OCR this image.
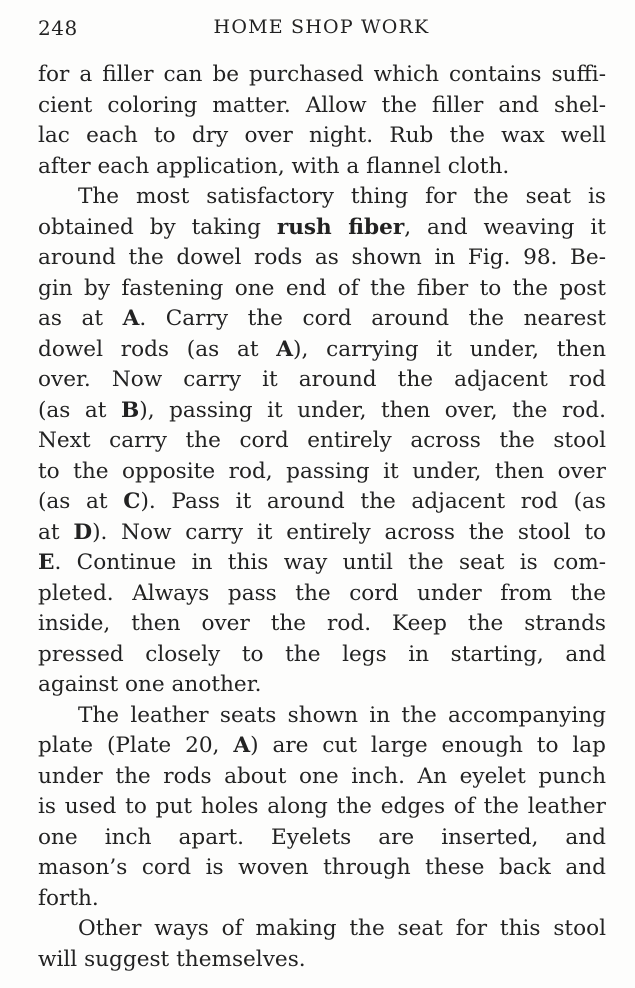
248	HOME SHOP WORK
for a filler can be purchased which contains suffi-
cient coloring matter. Allow the filler and shel-
lac each to dry over night. Rub the wax well
after each application, with a flannel cloth.
The most satisfactory thing for the seat is
obtained by taking rush fiber, and weaving it
around the dowel rods as shown in Fig. 98. Be-
gin by fastening one end of the fiber to the post
as at A. Carry the cord around the nearest
dowel rods (as at A), carrying it under, then
over. Now carry it around the adjacent rod
(as at B), passing it under, then over, the rod.
Next carry the cord entirely across the stool
to the opposite rod, passing it under, then over
(as at C). Pass it around the adjacent rod (as
at D). Now carry it entirely across the stool to
E. Continue in this way until the seat is com-
pleted. Always pass the cord under from the
inside, then over the rod. Keep the strands
pressed closely to the legs in starting, and
against one another.
The leather seats shown in the accompanying
plate (Plate 20, A) are cut large enough to lap
under the rods about one inch. An eyelet punch
is used to put holes along the edges of the leather
one inch apart. Eyelets are inserted, and
mason’s cord is woven through these back and
forth.
Other ways of making the seat for this stool
will suggest themselves.
